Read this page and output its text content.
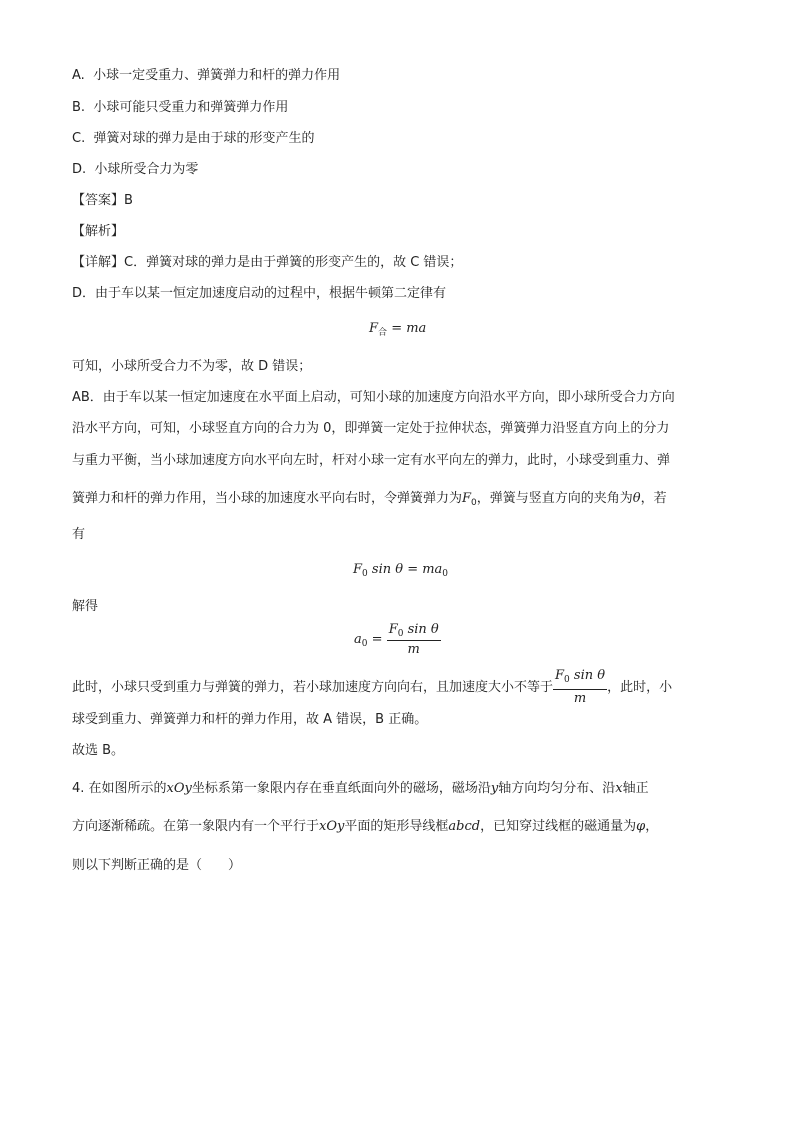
A. 小球一定受重力、弹簧弹力和杆的弹力作用
B. 小球可能只受重力和弹簧弹力作用
C. 弹簧对球的弹力是由于球的形变产生的
D. 小球所受合力为零
【答案】B
【解析】
【详解】C．弹簧对球的弹力是由于弹簧的形变产生的，故 C 错误；
D．由于车以某一恒定加速度启动的过程中，根据牛顿第二定律有
$F_合$ = ma
可知，小球所受合力不为零，故 D 错误；
AB．由于车以某一恒定加速度在水平面上启动，可知小球的加速度方向沿水平方向，即小球所受合力方向
沿水平方向，可知，小球竖直方向的合力为 0，即弹簧一定处于拉伸状态，弹簧弹力沿竖直方向上的分力
与重力平衡，当小球加速度方向水平向左时，杆对小球一定有水平向左的弹力，此时，小球受到重力、弹
簧弹力和杆的弹力作用，当小球的加速度水平向右时，令弹簧弹力为$F_0$，弹簧与竖直方向的夹角为θ，若
有
$F_0$ $\sin \theta = ma_0$
解得
$a_0 = \frac{F_0 \sin \theta}{m}$
此时，小球只受到重力与弹簧的弹力，若小球加速度方向向右，且加速度大小不等于 $\frac{F_0 \sin \theta}{m}$ ，此时，小
球受到重力、弹簧弹力和杆的弹力作用，故 A 错误，B 正确。
故选 B。
4. 在如图所示的xOy坐标系第一象限内存在垂直纸面向外的磁场，磁场沿y轴方向均匀分布、沿x轴正
方向逐渐稀疏。在第一象限内有一个平行于xOy平面的矩形导线框abcd，已知穿过线框的磁通量为φ，
则以下判断正确的是（　　）
